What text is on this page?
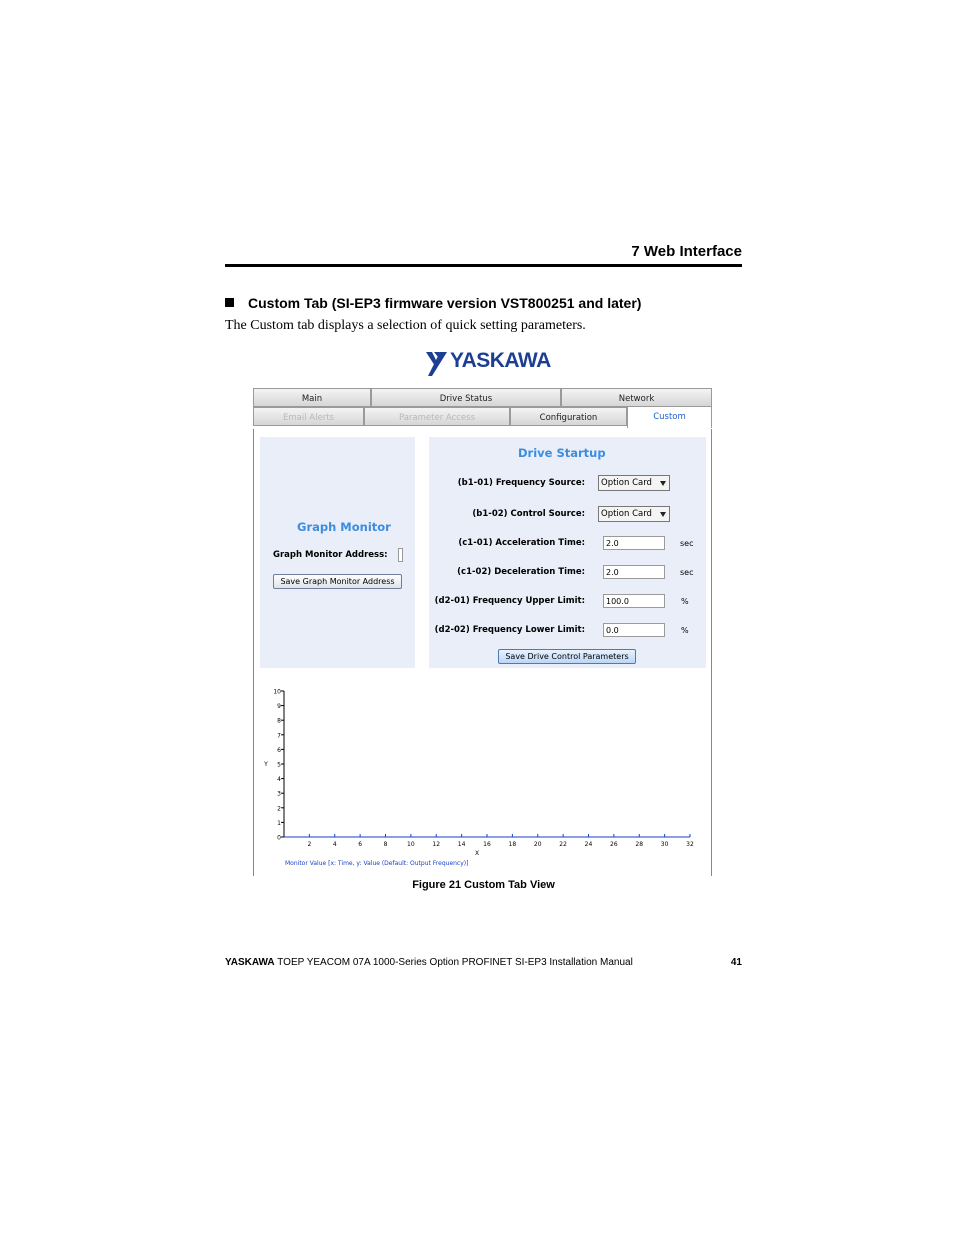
7 Web Interface
Custom Tab (SI-EP3 firmware version VST800251 and later)
The Custom tab displays a selection of quick setting parameters.
YASKAWA
Main	Drive Status	Network
Email Alerts	Parameter Access	Configuration	Custom
Graph Monitor
Graph Monitor Address:
Save Graph Monitor Address
Drive Startup
(b1-01) Frequency Source:	Option Card
(b1-02) Control Source:	Option Card
(c1-01) Acceleration Time:	2.0	sec
(c1-02) Deceleration Time:	2.0	sec
(d2-01) Frequency Upper Limit:	100.0	%
(d2-02) Frequency Lower Limit:	0.0	%
Save Drive Control Parameters
0
1
2
3
4
5
6
7
8
9
10
2	4	6	8	10	12	14	16	18	20	22	24	26	28	30	32
X
Y
Monitor Value [x: Time, y: Value (Default: Output Frequency)]
Figure 21 Custom Tab View
YASKAWA TOEP YEACOM 07A 1000-Series Option PROFINET SI-EP3 Installation Manual	41
